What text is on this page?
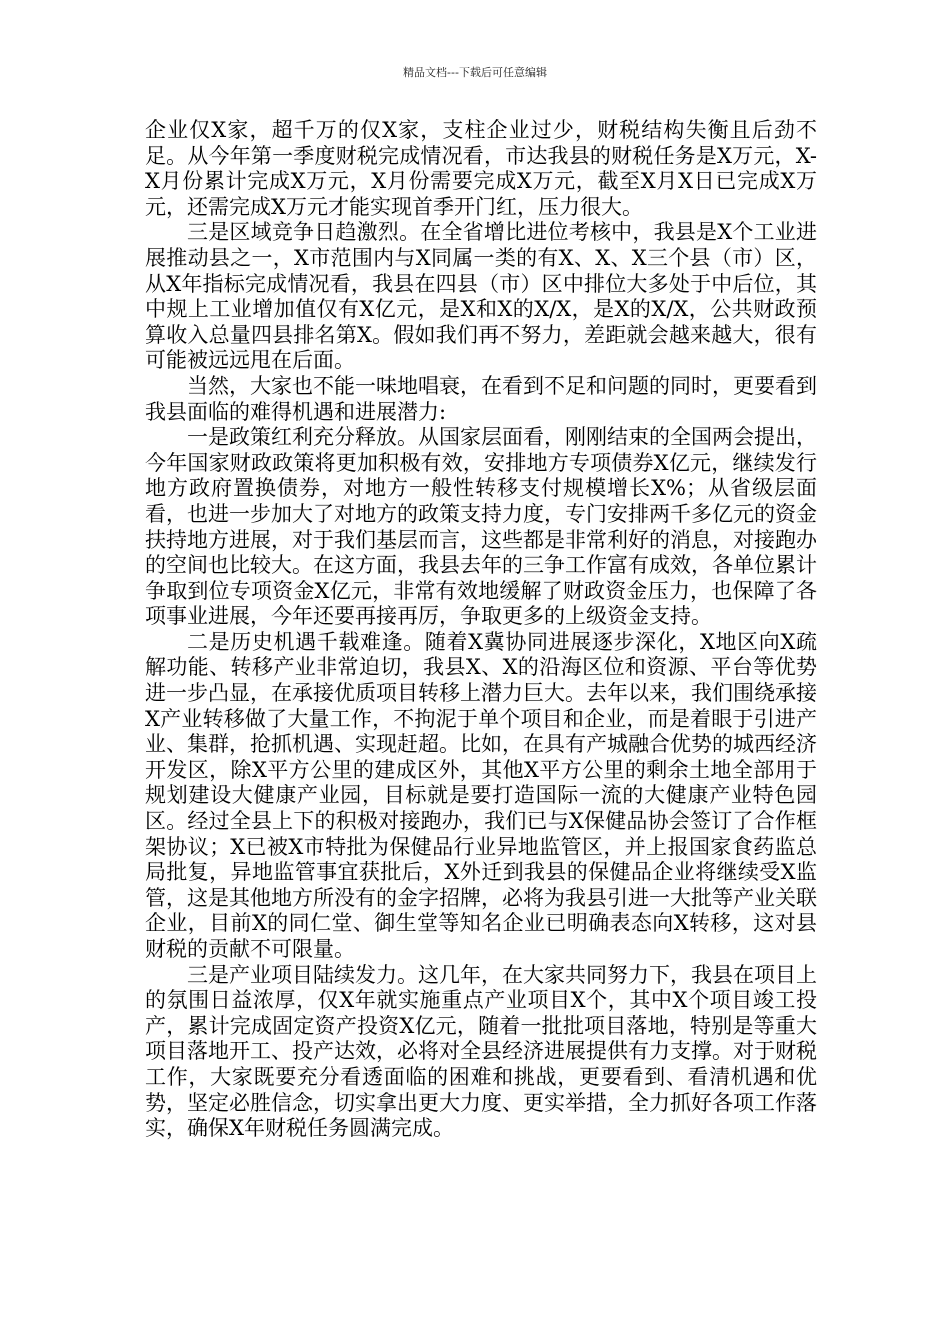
精品文档---下载后可任意编辑

企业仅X家，超千万的仅X家，支柱企业过少，财税结构失衡且后劲不足。从今年第一季度财税完成情况看，市达我县的财税任务是X万元，X-X月份累计完成X万元，X月份需要完成X万元，截至X月X日已完成X万元，还需完成X万元才能实现首季开门红，压力很大。

三是区域竞争日趋激烈。在全省增比进位考核中，我县是X个工业进展推动县之一，X市范围内与X同属一类的有X、X、X三个县（市）区，从X年指标完成情况看，我县在四县（市）区中排位大多处于中后位，其中规上工业增加值仅有X亿元，是X和X的X/X，是X的X/X，公共财政预算收入总量四县排名第X。假如我们再不努力，差距就会越来越大，很有可能被远远甩在后面。

当然，大家也不能一味地唱衰，在看到不足和问题的同时，更要看到我县面临的难得机遇和进展潜力:

一是政策红利充分释放。从国家层面看，刚刚结束的全国两会提出，今年国家财政政策将更加积极有效，安排地方专项债券X亿元，继续发行地方政府置换债券，对地方一般性转移支付规模增长X%；从省级层面看，也进一步加大了对地方的政策支持力度，专门安排两千多亿元的资金扶持地方进展，对于我们基层而言，这些都是非常利好的消息，对接跑办的空间也比较大。在这方面，我县去年的三争工作富有成效，各单位累计争取到位专项资金X亿元，非常有效地缓解了财政资金压力，也保障了各项事业进展，今年还要再接再厉，争取更多的上级资金支持。

二是历史机遇千载难逢。随着X冀协同进展逐步深化，X地区向X疏解功能、转移产业非常迫切，我县X、X的沿海区位和资源、平台等优势进一步凸显，在承接优质项目转移上潜力巨大。去年以来，我们围绕承接X产业转移做了大量工作，不拘泥于单个项目和企业，而是着眼于引进产业、集群，抢抓机遇、实现赶超。比如，在具有产城融合优势的城西经济开发区，除X平方公里的建成区外，其他X平方公里的剩余土地全部用于规划建设大健康产业园，目标就是要打造国际一流的大健康产业特色园区。经过全县上下的积极对接跑办，我们已与X保健品协会签订了合作框架协议；X已被X市特批为保健品行业异地监管区，并上报国家食药监总局批复，异地监管事宜获批后，X外迁到我县的保健品企业将继续受X监管，这是其他地方所没有的金字招牌，必将为我县引进一大批等产业关联企业，目前X的同仁堂、御生堂等知名企业已明确表态向X转移，这对县财税的贡献不可限量。

三是产业项目陆续发力。这几年，在大家共同努力下，我县在项目上的氛围日益浓厚，仅X年就实施重点产业项目X个，其中X个项目竣工投产，累计完成固定资产投资X亿元，随着一批批项目落地，特别是等重大项目落地开工、投产达效，必将对全县经济进展提供有力支撑。对于财税工作，大家既要充分看透面临的困难和挑战，更要看到、看清机遇和优势，坚定必胜信念，切实拿出更大力度、更实举措，全力抓好各项工作落实，确保X年财税任务圆满完成。
